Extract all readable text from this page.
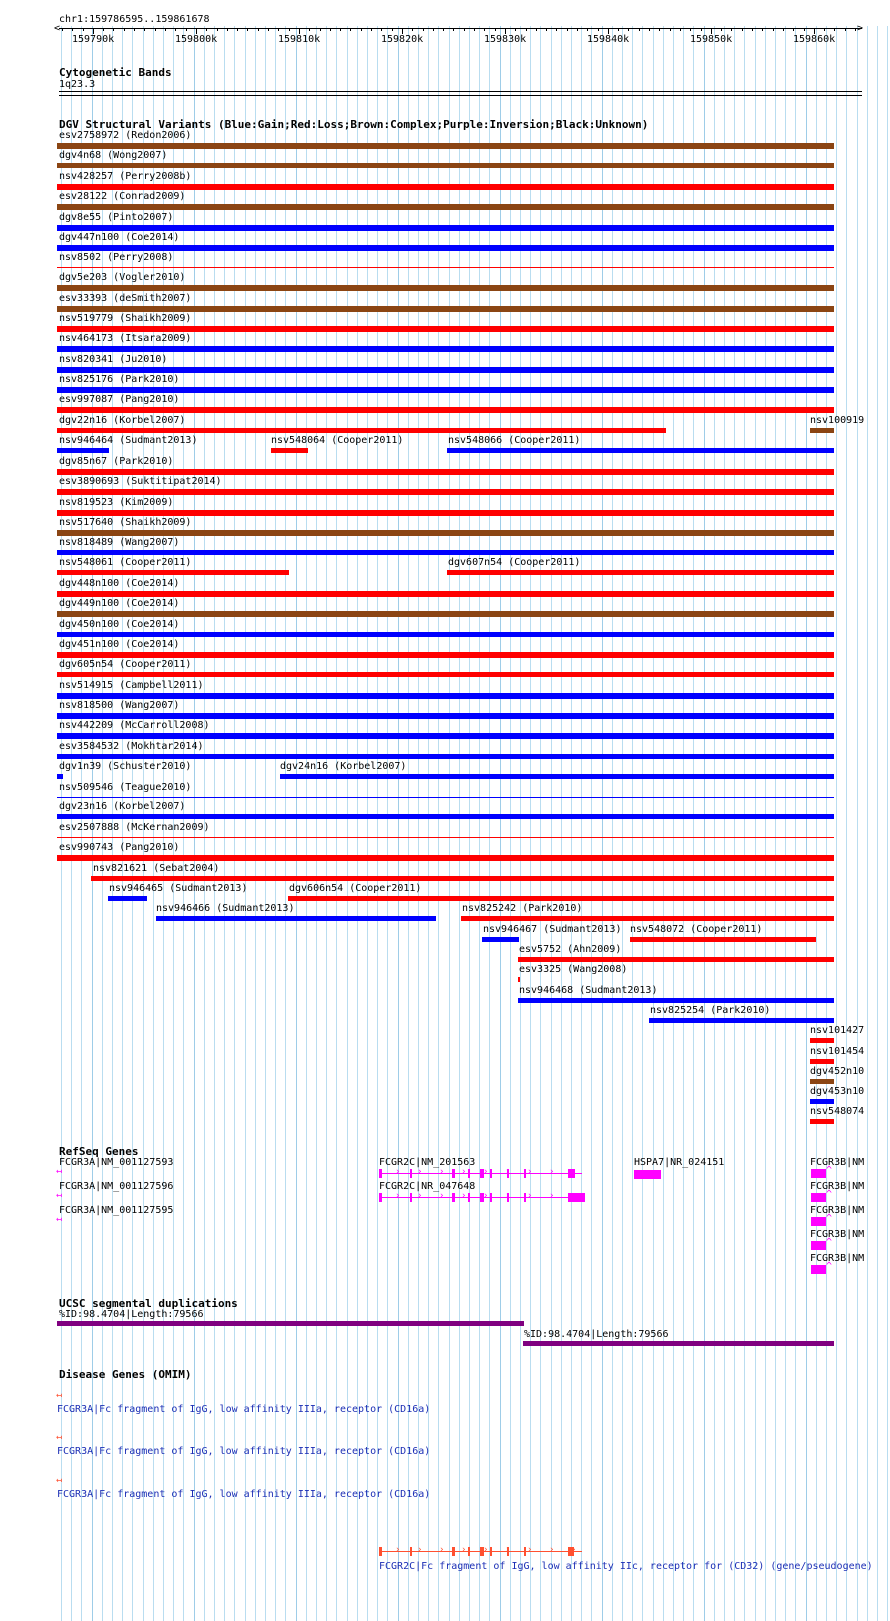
chr1:159786595..159861678
<	>
159790k	159800k	159810k	159820k	159830k	159840k	159850k	159860k
Cytogenetic Bands
1q23.3
DGV Structural Variants (Blue:Gain;Red:Loss;Brown:Complex;Purple:Inversion;Black:Unknown)
esv2758972 (Redon2006)
dgv4n68 (Wong2007)
nsv428257 (Perry2008b)
esv28122 (Conrad2009)
dgv8e55 (Pinto2007)
dgv447n100 (Coe2014)
nsv8502 (Perry2008)
dgv5e203 (Vogler2010)
esv33393 (deSmith2007)
nsv519779 (Shaikh2009)
nsv464173 (Itsara2009)
nsv820341 (Ju2010)
nsv825176 (Park2010)
esv997087 (Pang2010)
dgv22n16 (Korbel2007)
nsv946464 (Sudmant2013)	nsv548064 (Cooper2011)	nsv548066 (Cooper2011)
nsv100919
dgv85n67 (Park2010)
esv3890693 (Suktitipat2014)
nsv819523 (Kim2009)
nsv517640 (Shaikh2009)
nsv818489 (Wang2007)
nsv548061 (Cooper2011)	dgv607n54 (Cooper2011)
dgv448n100 (Coe2014)
dgv449n100 (Coe2014)
dgv450n100 (Coe2014)
dgv451n100 (Coe2014)
dgv605n54 (Cooper2011)
nsv514915 (Campbell2011)
nsv818500 (Wang2007)
nsv442209 (McCarroll2008)
esv3584532 (Mokhtar2014)
dgv1n39 (Schuster2010)	dgv24n16 (Korbel2007)
nsv509546 (Teague2010)
dgv23n16 (Korbel2007)
esv2507888 (McKernan2009)
esv990743 (Pang2010)
nsv821621 (Sebat2004)
nsv946465 (Sudmant2013)	dgv606n54 (Cooper2011)
nsv946466 (Sudmant2013)	nsv825242 (Park2010)
nsv946467 (Sudmant2013) nsv548072 (Cooper2011)
esv5752 (Ahn2009)
esv3325 (Wang2008)
nsv946468 (Sudmant2013)
nsv825254 (Park2010)
nsv101427
nsv101454
dgv452n10
dgv453n10
nsv548074
RefSeq Genes
FCGR3A|NM_001127593
FCGR3A|NM_001127596
FCGR3A|NM_001127595
FCGR2C|NM_201563
FCGR2C|NR_047648
HSPA7|NR_024151	FCGR3B|NM
FCGR3B|NM
FCGR3B|NM
FCGR3B|NM
FCGR3B|NM
↤
↤
↤
› › › › › › › › ›
› › › › › › › › ›
^
^
^
^
^
UCSC segmental duplications
%ID:98.4704|Length:79566
%ID:98.4704|Length:79566
Disease Genes (OMIM)
↤
FCGR3A|Fc fragment of IgG, low affinity IIIa, receptor (CD16a)
↤
FCGR3A|Fc fragment of IgG, low affinity IIIa, receptor (CD16a)
↤
FCGR3A|Fc fragment of IgG, low affinity IIIa, receptor (CD16a)
› › › › › › › › ›
FCGR2C|Fc fragment of IgG, low affinity IIc, receptor for (CD32) (gene/pseudogene)
